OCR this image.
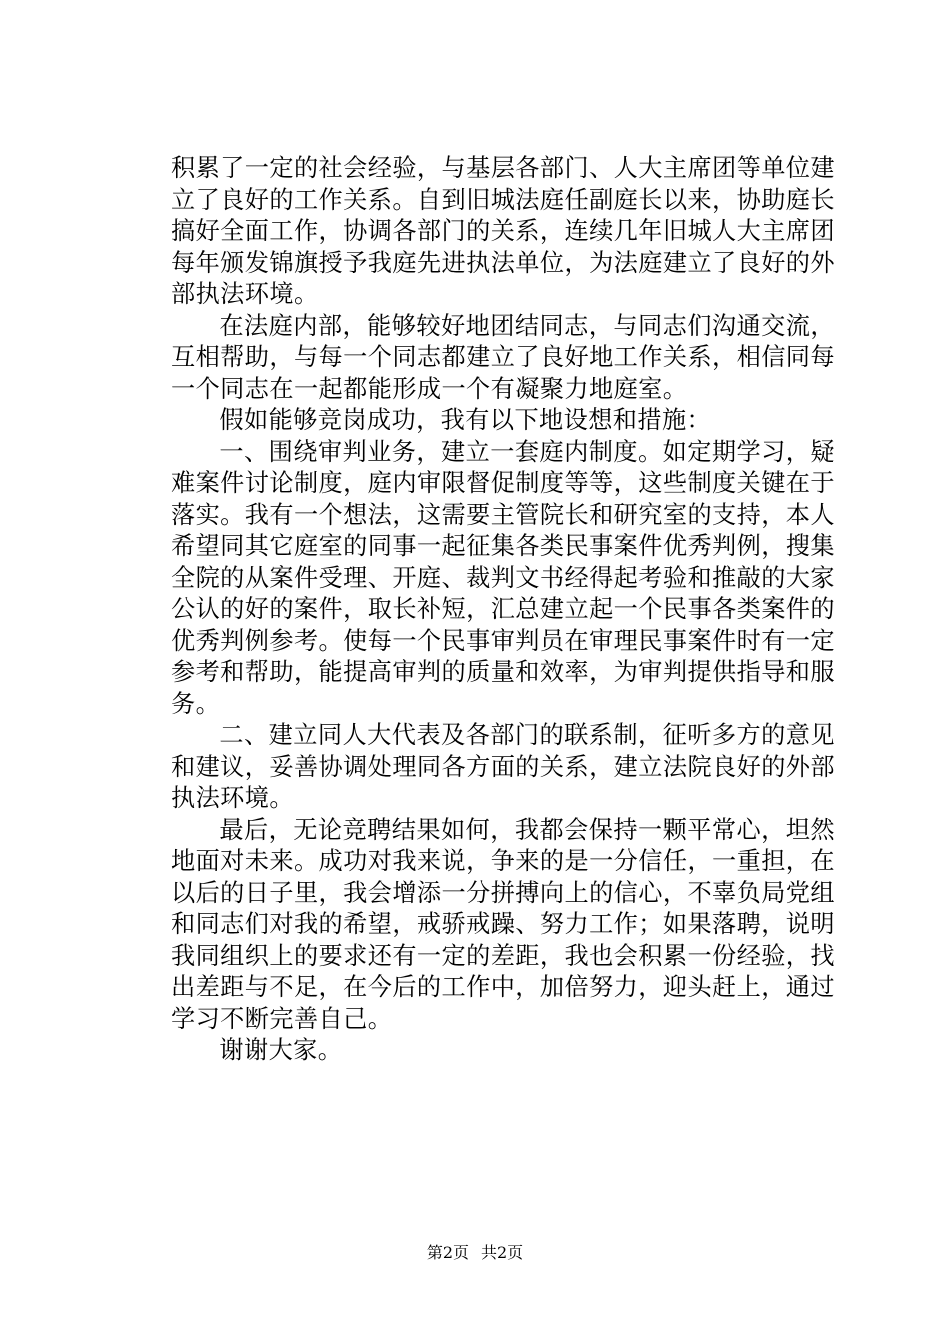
积累了一定的社会经验，与基层各部门、人大主席团等单位建立了良好的工作关系。自到旧城法庭任副庭长以来，协助庭长搞好全面工作，协调各部门的关系，连续几年旧城人大主席团每年颁发锦旗授予我庭先进执法单位，为法庭建立了良好的外部执法环境。

在法庭内部，能够较好地团结同志，与同志们沟通交流，互相帮助，与每一个同志都建立了良好地工作关系，相信同每一个同志在一起都能形成一个有凝聚力地庭室。

假如能够竞岗成功，我有以下地设想和措施：

一、围绕审判业务，建立一套庭内制度。如定期学习，疑难案件讨论制度，庭内审限督促制度等等，这些制度关键在于落实。我有一个想法，这需要主管院长和研究室的支持，本人希望同其它庭室的同事一起征集各类民事案件优秀判例，搜集全院的从案件受理、开庭、裁判文书经得起考验和推敲的大家公认的好的案件，取长补短，汇总建立起一个民事各类案件的优秀判例参考。使每一个民事审判员在审理民事案件时有一定参考和帮助，能提高审判的质量和效率，为审判提供指导和服务。

二、建立同人大代表及各部门的联系制，征听多方的意见和建议，妥善协调处理同各方面的关系，建立法院良好的外部执法环境。

最后，无论竞聘结果如何，我都会保持一颗平常心，坦然地面对未来。成功对我来说，争来的是一分信任，一重担，在以后的日子里，我会增添一分拼搏向上的信心，不辜负局党组和同志们对我的希望，戒骄戒躁、努力工作；如果落聘，说明我同组织上的要求还有一定的差距，我也会积累一份经验，找出差距与不足，在今后的工作中，加倍努力，迎头赶上，通过学习不断完善自己。

谢谢大家。

第2页 共2页
